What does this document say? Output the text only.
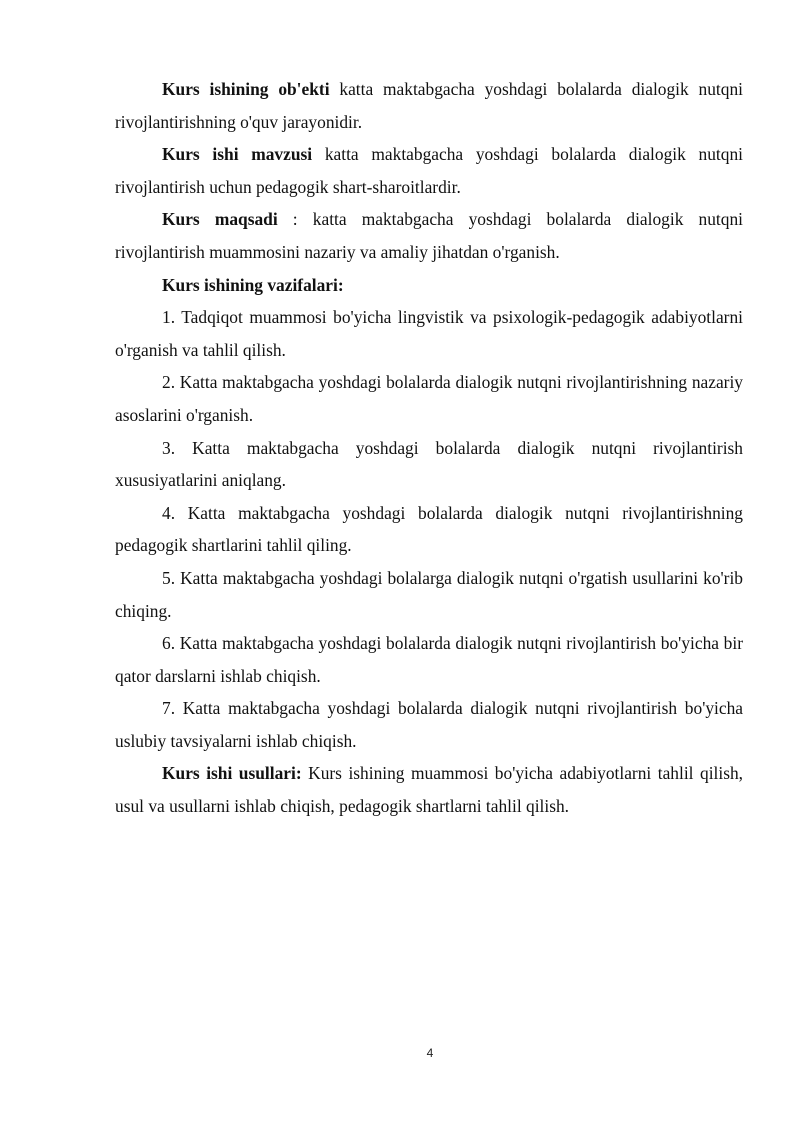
Kurs ishining ob'ekti katta maktabgacha yoshdagi bolalarda dialogik nutqni rivojlantirishning o'quv jarayonidir.

Kurs ishi mavzusi katta maktabgacha yoshdagi bolalarda dialogik nutqni rivojlantirish uchun pedagogik shart-sharoitlardir.

Kurs maqsadi : katta maktabgacha yoshdagi bolalarda dialogik nutqni rivojlantirish muammosini nazariy va amaliy jihatdan o'rganish.

Kurs ishining vazifalari:

1. Tadqiqot muammosi bo'yicha lingvistik va psixologik-pedagogik adabiyotlarni o'rganish va tahlil qilish.

2. Katta maktabgacha yoshdagi bolalarda dialogik nutqni rivojlantirishning nazariy asoslarini o'rganish.

3. Katta maktabgacha yoshdagi bolalarda dialogik nutqni rivojlantirish xususiyatlarini aniqlang.

4. Katta maktabgacha yoshdagi bolalarda dialogik nutqni rivojlantirishning pedagogik shartlarini tahlil qiling.

5. Katta maktabgacha yoshdagi bolalarga dialogik nutqni o'rgatish usullarini ko'rib chiqing.

6. Katta maktabgacha yoshdagi bolalarda dialogik nutqni rivojlantirish bo'yicha bir qator darslarni ishlab chiqish.

7. Katta maktabgacha yoshdagi bolalarda dialogik nutqni rivojlantirish bo'yicha uslubiy tavsiyalarni ishlab chiqish.

Kurs ishi usullari: Kurs ishining muammosi bo'yicha adabiyotlarni tahlil qilish, usul va usullarni ishlab chiqish, pedagogik shartlarni tahlil qilish.

4
